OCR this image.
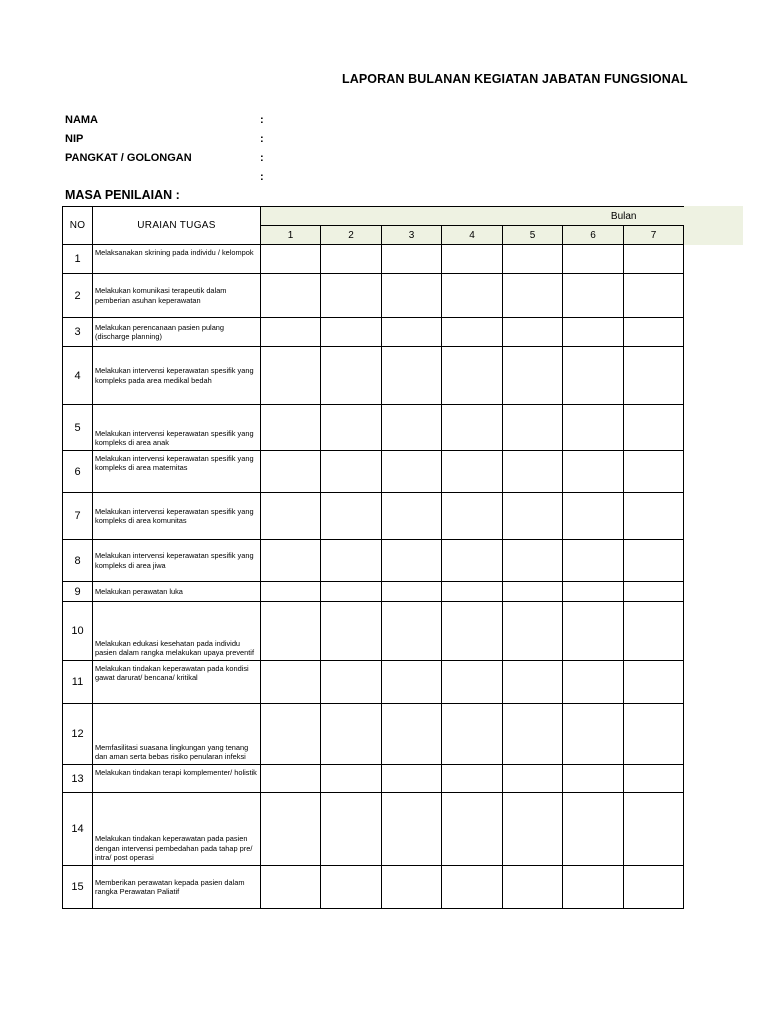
LAPORAN BULANAN KEGIATAN JABATAN FUNGSIONAL
NAMA	:
NIP	:
PANGKAT / GOLONGAN	:
:
MASA PENILAIAN :
NO	URAIAN TUGAS	Bulan						
		1	2	3	4	5	6	7
1	Melaksanakan skrining pada individu / kelompok							
2	Melakukan komunikasi terapeutik dalam pemberian asuhan keperawatan							
3	Melakukan perencanaan pasien pulang (discharge planning)							
4	Melakukan intervensi keperawatan spesifik yang kompleks pada area medikal bedah							
5	Melakukan intervensi keperawatan spesifik yang kompleks di area anak							
6	Melakukan intervensi keperawatan spesifik yang kompleks di area maternitas							
7	Melakukan intervensi keperawatan spesifik yang kompleks di area komunitas							
8	Melakukan intervensi keperawatan spesifik yang kompleks di area jiwa							
9	Melakukan perawatan luka							
10	Melakukan edukasi kesehatan pada individu pasien dalam rangka melakukan upaya preventif							
11	Melakukan tindakan keperawatan pada kondisi gawat darurat/ bencana/ kritikal							
12	Memfasilitasi suasana lingkungan yang tenang dan aman serta bebas risiko penularan infeksi							
13	Melakukan tindakan terapi komplementer/ holistik							
14	Melakukan tindakan keperawatan pada pasien dengan intervensi pembedahan pada tahap pre/ intra/ post operasi							
15	Memberikan perawatan kepada pasien dalam rangka Perawatan Paliatif							
